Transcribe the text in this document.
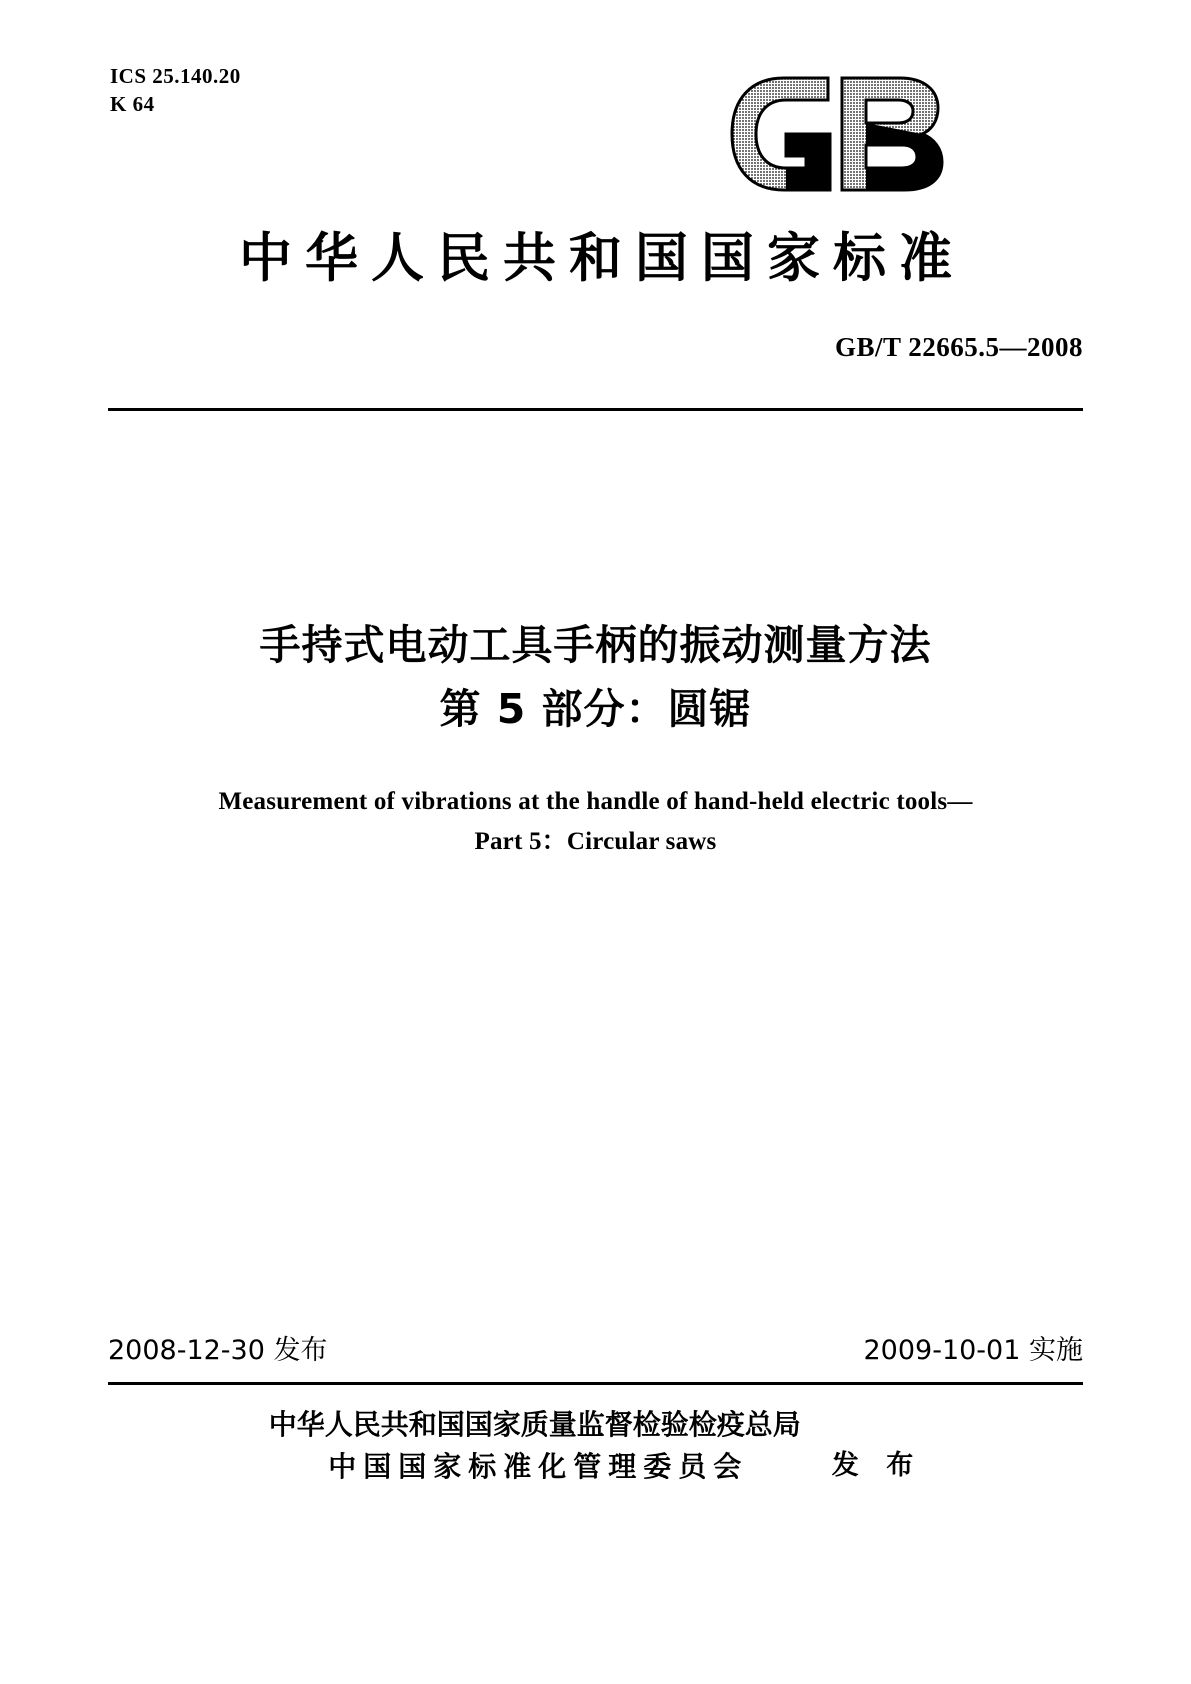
ICS 25.140.20
K 64
中华人民共和国国家标准
GB/T 22665.5—2008
手持式电动工具手柄的振动测量方法
第 5 部分：圆锯
Measurement of vibrations at the handle of hand-held electric tools—
Part 5：Circular saws
2008-12-30 发布	2009-10-01 实施
中华人民共和国国家质量监督检验检疫总局
中国国家标准化管理委员会	发 布
